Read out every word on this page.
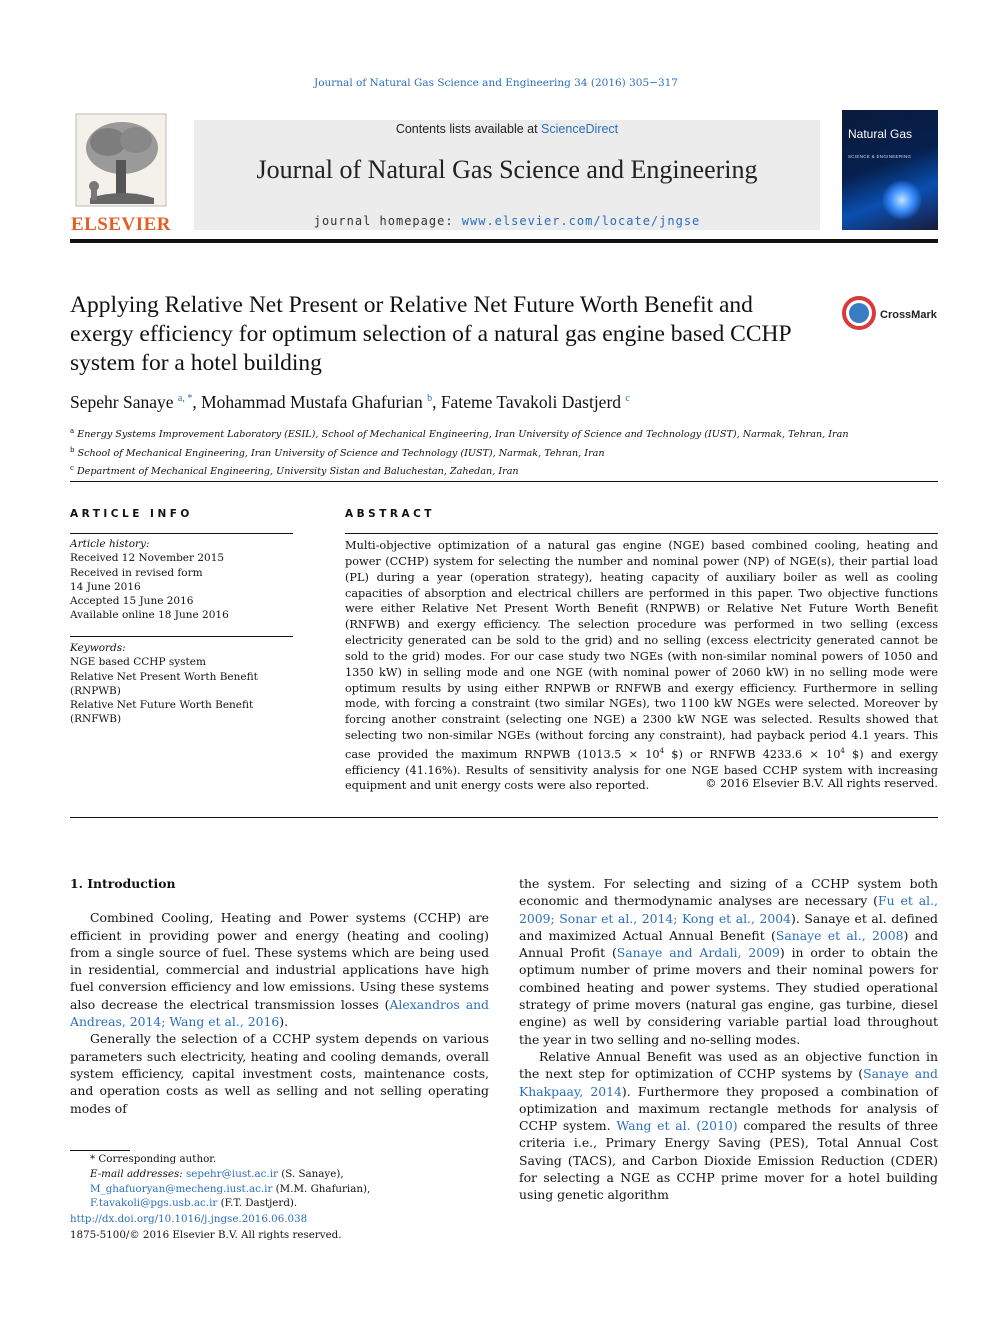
Journal of Natural Gas Science and Engineering 34 (2016) 305−317
ELSEVIER
Contents lists available at ScienceDirect
Journal of Natural Gas Science and Engineering
journal homepage: www.elsevier.com/locate/jngse
Natural Gas
SCIENCE & ENGINEERING
Applying Relative Net Present or Relative Net Future Worth Benefit and exergy efficiency for optimum selection of a natural gas engine based CCHP system for a hotel building
CrossMark
Sepehr Sanaye $^{a, *}$, Mohammad Mustafa Ghafurian $^b$, Fateme Tavakoli Dastjerd $^c$
$^a$ Energy Systems Improvement Laboratory (ESIL), School of Mechanical Engineering, Iran University of Science and Technology (IUST), Narmak, Tehran, Iran
$^b$ School of Mechanical Engineering, Iran University of Science and Technology (IUST), Narmak, Tehran, Iran
$^c$ Department of Mechanical Engineering, University Sistan and Baluchestan, Zahedan, Iran
ARTICLE INFO	ABSTRACT
Article history:
Received 12 November 2015
Received in revised form
14 June 2016
Accepted 15 June 2016
Available online 18 June 2016
Keywords:
NGE based CCHP system
Relative Net Present Worth Benefit
(RNPWB)
Relative Net Future Worth Benefit (RNFWB)
Multi-objective optimization of a natural gas engine (NGE) based combined cooling, heating and power (CCHP) system for selecting the number and nominal power (NP) of NGE(s), their partial load (PL) during a year (operation strategy), heating capacity of auxiliary boiler as well as cooling capacities of absorption and electrical chillers are performed in this paper. Two objective functions were either Relative Net Present Worth Benefit (RNPWB) or Relative Net Future Worth Benefit (RNFWB) and exergy efficiency. The selection procedure was performed in two selling (excess electricity generated can be sold to the grid) and no selling (excess electricity generated cannot be sold to the grid) modes. For our case study two NGEs (with non-similar nominal powers of 1050 and 1350 kW) in selling mode and one NGE (with nominal power of 2060 kW) in no selling mode were optimum results by using either RNPWB or RNFWB and exergy efficiency. Furthermore in selling mode, with forcing a constraint (two similar NGEs), two 1100 kW NGEs were selected. Moreover by forcing another constraint (selecting one NGE) a 2300 kW NGE was selected. Results showed that selecting two non-similar NGEs (without forcing any constraint), had payback period 4.1 years. This case provided the maximum RNPWB ($1013.5 \times 10^4$ $) or RNFWB $4233.6 \times 10^4$ $) and exergy efficiency (41.16%). Results of sensitivity analysis for one NGE based CCHP system with increasing equipment and unit energy costs were also reported.	© 2016 Elsevier B.V. All rights reserved.
1. Introduction

Combined Cooling, Heating and Power systems (CCHP) are efficient in providing power and energy (heating and cooling) from a single source of fuel. These systems which are being used in residential, commercial and industrial applications have high fuel conversion efficiency and low emissions. Using these systems also decrease the electrical transmission losses (Alexandros and Andreas, 2014; Wang et al., 2016).

Generally the selection of a CCHP system depends on various parameters such electricity, heating and cooling demands, overall system efficiency, capital investment costs, maintenance costs, and operation costs as well as selling and not selling operating modes of

the system. For selecting and sizing of a CCHP system both economic and thermodynamic analyses are necessary (Fu et al., 2009; Sonar et al., 2014; Kong et al., 2004). Sanaye et al. defined and maximized Actual Annual Benefit (Sanaye et al., 2008) and Annual Profit (Sanaye and Ardali, 2009) in order to obtain the optimum number of prime movers and their nominal powers for combined heating and power systems. They studied operational strategy of prime movers (natural gas engine, gas turbine, diesel engine) as well by considering variable partial load throughout the year in two selling and no-selling modes.

Relative Annual Benefit was used as an objective function in the next step for optimization of CCHP systems by (Sanaye and Khakpaay, 2014). Furthermore they proposed a combination of optimization and maximum rectangle methods for analysis of CCHP system. Wang et al. (2010) compared the results of three criteria i.e., Primary Energy Saving (PES), Total Annual Cost Saving (TACS), and Carbon Dioxide Emission Reduction (CDER) for selecting a NGE as CCHP prime mover for a hotel building using genetic algorithm

* Corresponding author.
E-mail addresses: sepehr@iust.ac.ir (S. Sanaye), M_ghafuoryan@mecheng.iust.ac.ir (M.M. Ghafurian), F.tavakoli@pgs.usb.ac.ir (F.T. Dastjerd).
http://dx.doi.org/10.1016/j.jngse.2016.06.038
1875-5100/© 2016 Elsevier B.V. All rights reserved.
